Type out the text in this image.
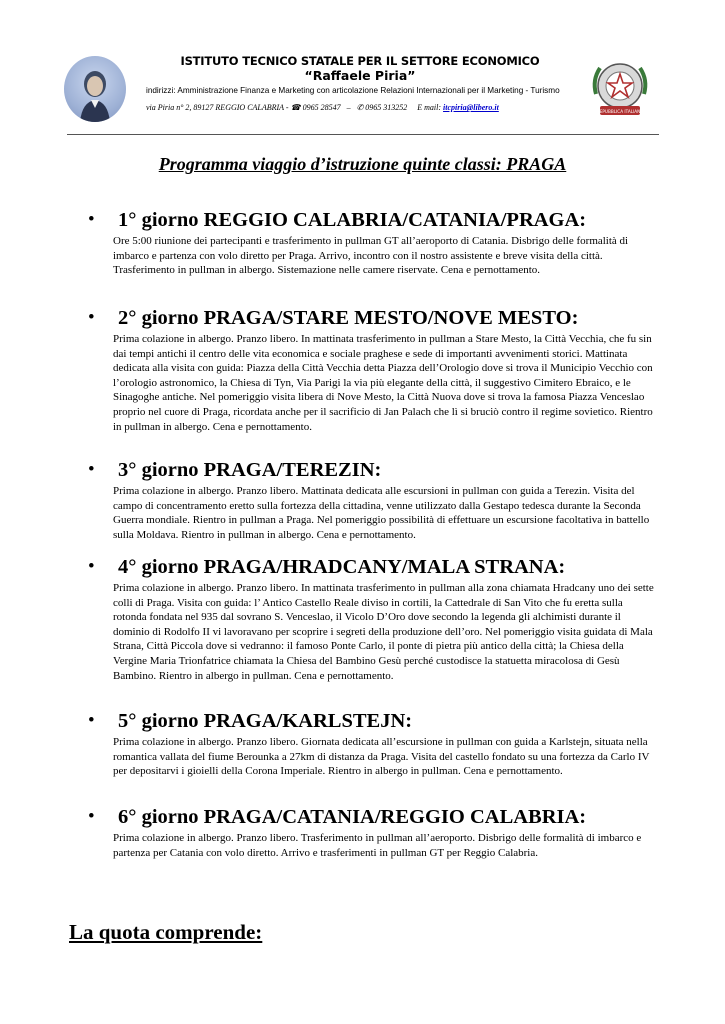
ISTITUTO TECNICO STATALE PER IL SETTORE ECONOMICO
“Raffaele Piria”
indirizzi: Amministrazione Finanza e Marketing con articolazione Relazioni Internazionali per il Marketing - Turismo
via Piria n° 2, 89127 REGGIO CALABRIA - ☎ 0965 28547   –   ✆ 0965 313252 E mail: itcpiria@libero.it	REPUBBLICA ITALIANA
Programma viaggio d’istruzione quinte classi: PRAGA
• 1° giorno REGGIO CALABRIA/CATANIA/PRAGA:
Ore 5:00 riunione dei partecipanti e trasferimento in pullman GT all’aeroporto di Catania. Disbrigo delle formalità di imbarco e partenza con volo diretto per Praga. Arrivo, incontro con il nostro assistente e breve visita della città. Trasferimento in pullman in albergo. Sistemazione nelle camere riservate. Cena e pernottamento.
• 2° giorno PRAGA/STARE MESTO/NOVE MESTO:
Prima colazione in albergo. Pranzo libero. In mattinata trasferimento in pullman a Stare Mesto, la Città Vecchia, che fu sin dai tempi antichi il centro delle vita economica e sociale praghese e sede di importanti avvenimenti storici. Mattinata dedicata alla visita con guida: Piazza della Città Vecchia detta Piazza dell’Orologio dove si trova il Municipio Vecchio con l’orologio astronomico, la Chiesa di Tyn, Via Parigi la via più elegante della città, il suggestivo Cimitero Ebraico, e le Sinagoghe antiche. Nel pomeriggio visita libera di Nove Mesto, la Città Nuova dove si trova la famosa Piazza Venceslao proprio nel cuore di Praga, ricordata anche per il sacrificio di Jan Palach che lì si bruciò contro il regime sovietico. Rientro in pullman in albergo. Cena e pernottamento.
• 3° giorno PRAGA/TEREZIN:
Prima colazione in albergo. Pranzo libero. Mattinata dedicata alle escursioni in pullman con guida a Terezin. Visita del campo di concentramento eretto sulla fortezza della cittadina, venne utilizzato dalla Gestapo tedesca durante la Seconda Guerra mondiale. Rientro in pullman a Praga. Nel pomeriggio possibilità di effettuare un escursione facoltativa in battello sulla Moldava. Rientro in pullman in albergo. Cena e pernottamento.
• 4° giorno PRAGA/HRADCANY/MALA STRANA:
Prima colazione in albergo. Pranzo libero. In mattinata trasferimento in pullman alla zona chiamata Hradcany uno dei sette colli di Praga. Visita con guida: l’ Antico Castello Reale diviso in cortili, la Cattedrale di San Vito che fu eretta sulla rotonda fondata nel 935 dal sovrano S. Venceslao, il Vicolo D’Oro dove secondo la legenda gli alchimisti durante il dominio di Rodolfo II vi lavoravano per scoprire i segreti della produzione dell’oro. Nel pomeriggio visita guidata di Mala Strana, Città Piccola dove si vedranno: il famoso Ponte Carlo, il ponte di pietra più antico della città; la Chiesa della Vergine Maria Trionfatrice chiamata la Chiesa del Bambino Gesù perché custodisce la statuetta miracolosa di Gesù Bambino. Rientro in albergo in pullman. Cena e pernottamento.
• 5° giorno PRAGA/KARLSTEJN:
Prima colazione in albergo. Pranzo libero. Giornata dedicata all’escursione in pullman con guida a Karlstejn, situata nella romantica vallata del fiume Berounka a 27km di distanza da Praga. Visita del castello fondato su una fortezza da Carlo IV per depositarvi i gioielli della Corona Imperiale. Rientro in albergo in pullman. Cena e pernottamento.
• 6° giorno PRAGA/CATANIA/REGGIO CALABRIA:
Prima colazione in albergo. Pranzo libero. Trasferimento in pullman all’aeroporto. Disbrigo delle formalità di imbarco e partenza per Catania con volo diretto. Arrivo e trasferimenti in pullman GT per Reggio Calabria.
La quota comprende:
